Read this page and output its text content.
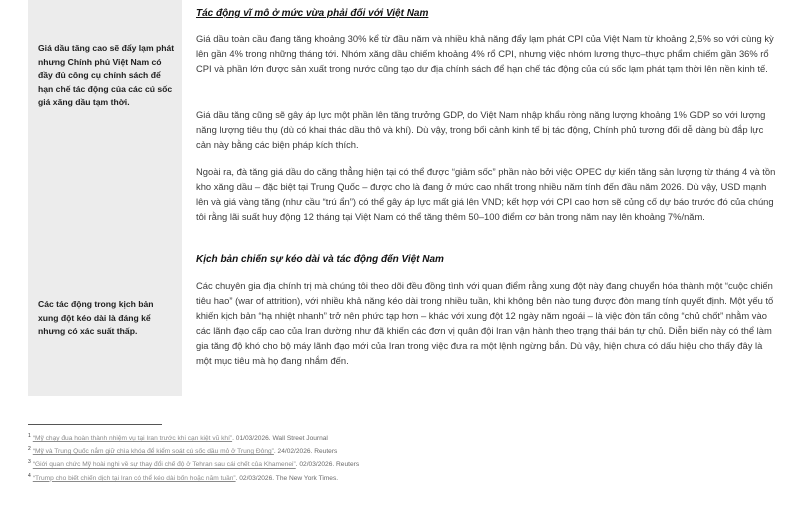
Giá dầu tăng cao sẽ đẩy lạm phát nhưng Chính phủ Việt Nam có đầy đủ công cụ chính sách để hạn chế tác động của các cú sốc giá xăng dầu tạm thời.
Các tác động trong kịch bản xung đột kéo dài là đáng kể nhưng có xác suất thấp.
Tác động vĩ mô ở mức vừa phải đối với Việt Nam

Giá dầu toàn cầu đang tăng khoảng 30% kể từ đầu năm và nhiều khả năng đẩy lạm phát CPI của Việt Nam từ khoảng 2,5% so với cùng kỳ lên gần 4% trong những tháng tới. Nhóm xăng dầu chiếm khoảng 4% rổ CPI, nhưng việc nhóm lương thực–thực phẩm chiếm gần 36% rổ CPI và phần lớn được sản xuất trong nước cũng tạo dư địa chính sách để hạn chế tác động của cú sốc lạm phát tạm thời lên nền kinh tế.

Giá dầu tăng cũng sẽ gây áp lực một phần lên tăng trưởng GDP, do Việt Nam nhập khẩu ròng năng lượng khoảng 1% GDP so với lượng năng lượng tiêu thụ (dù có khai thác dầu thô và khí). Dù vậy, trong bối cảnh kinh tế bị tác động, Chính phủ tương đối dễ dàng bù đắp lực cản này bằng các biện pháp kích thích.

Ngoài ra, đà tăng giá dầu do căng thẳng hiện tại có thể được “giảm sốc” phần nào bởi việc OPEC dự kiến tăng sản lượng từ tháng 4 và tồn kho xăng dầu – đặc biệt tại Trung Quốc – được cho là đang ở mức cao nhất trong nhiều năm tính đến đầu năm 2026. Dù vậy, USD mạnh lên và giá vàng tăng (như cầu “trú ẩn”) có thể gây áp lực mất giá lên VND; kết hợp với CPI cao hơn sẽ củng cố dự báo trước đó của chúng tôi rằng lãi suất huy động 12 tháng tại Việt Nam có thể tăng thêm 50–100 điểm cơ bản trong năm nay lên khoảng 7%/năm.

Kịch bản chiến sự kéo dài và tác động đến Việt Nam

Các chuyên gia địa chính trị mà chúng tôi theo dõi đều đồng tình với quan điểm rằng xung đột này đang chuyển hóa thành một “cuộc chiến tiêu hao” (war of attrition), với nhiều khả năng kéo dài trong nhiều tuần, khi không bên nào tung được đòn mang tính quyết định. Một yếu tố khiến kịch bản “hạ nhiệt nhanh” trở nên phức tạp hơn – khác với xung đột 12 ngày năm ngoái – là việc đòn tấn công “chủ chốt” nhằm vào các lãnh đạo cấp cao của Iran dường như đã khiến các đơn vị quân đội Iran vận hành theo trạng thái bán tự chủ. Diễn biến này có thể làm gia tăng độ khó cho bộ máy lãnh đạo mới của Iran trong việc đưa ra một lệnh ngừng bắn. Dù vậy, hiện chưa có dấu hiệu cho thấy đây là một mục tiêu mà họ đang nhắm đến.

$^1$ “Mỹ chạy đua hoàn thành nhiệm vụ tại Iran trước khi cạn kiệt vũ khí”. 01/03/2026. Wall Street Journal
$^2$ “Mỹ và Trung Quốc nắm giữ chìa khóa để kiểm soát cú sốc dầu mỏ ở Trung Đông”. 24/02/2026. Reuters
$^3$ “Giới quan chức Mỹ hoài nghi về sự thay đổi chế độ ở Tehran sau cái chết của Khamenei”. 02/03/2026. Reuters
$^4$ “Trump cho biết chiến dịch tại Iran có thể kéo dài bốn hoặc năm tuần”. 02/03/2026. The New York Times.
